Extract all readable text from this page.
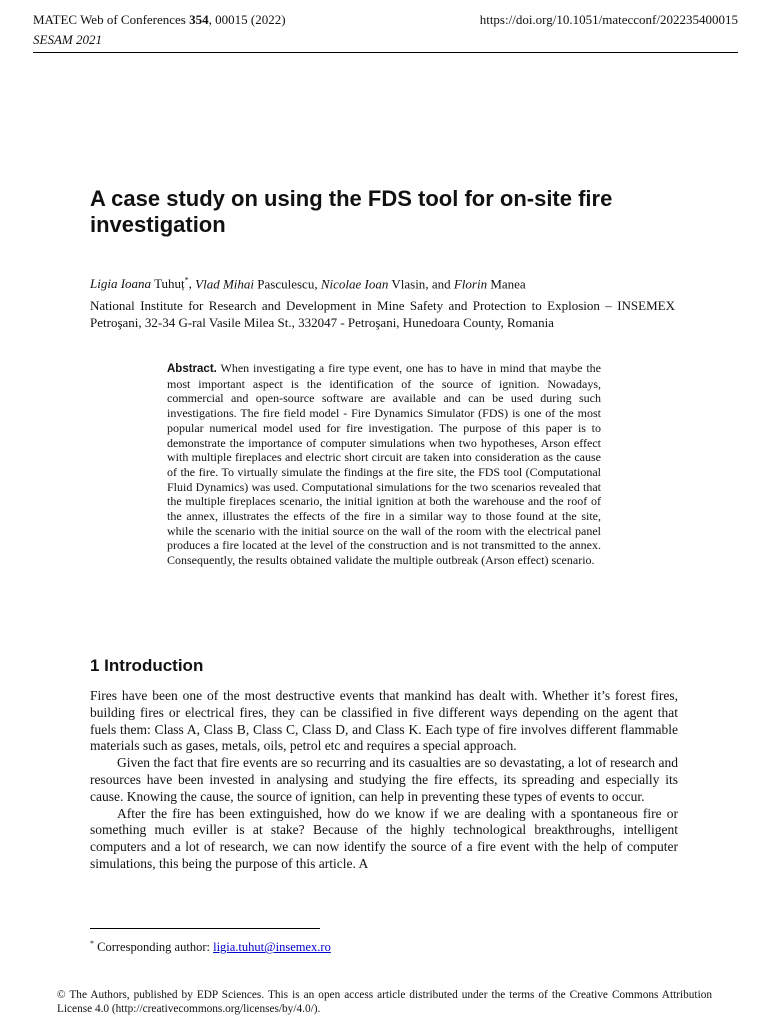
MATEC Web of Conferences 354, 00015 (2022)	https://doi.org/10.1051/matecconf/202235400015
SESAM 2021
A case study on using the FDS tool for on-site fire investigation
Ligia Ioana Tuhuț*, Vlad Mihai Pasculescu, Nicolae Ioan Vlasin, and Florin Manea
National Institute for Research and Development in Mine Safety and Protection to Explosion – INSEMEX Petroşani, 32-34 G-ral Vasile Milea St., 332047 - Petroşani, Hunedoara County, Romania
Abstract. When investigating a fire type event, one has to have in mind that maybe the most important aspect is the identification of the source of ignition. Nowadays, commercial and open-source software are available and can be used during such investigations. The fire field model - Fire Dynamics Simulator (FDS) is one of the most popular numerical model used for fire investigation. The purpose of this paper is to demonstrate the importance of computer simulations when two hypotheses, Arson effect with multiple fireplaces and electric short circuit are taken into consideration as the cause of the fire. To virtually simulate the findings at the fire site, the FDS tool (Computational Fluid Dynamics) was used. Computational simulations for the two scenarios revealed that the multiple fireplaces scenario, the initial ignition at both the warehouse and the roof of the annex, illustrates the effects of the fire in a similar way to those found at the site, while the scenario with the initial source on the wall of the room with the electrical panel produces a fire located at the level of the construction and is not transmitted to the annex. Consequently, the results obtained validate the multiple outbreak (Arson effect) scenario.
1 Introduction

Fires have been one of the most destructive events that mankind has dealt with. Whether it’s forest fires, building fires or electrical fires, they can be classified in five different ways depending on the agent that fuels them: Class A, Class B, Class C, Class D, and Class K. Each type of fire involves different flammable materials such as gases, metals, oils, petrol etc and requires a special approach.

Given the fact that fire events are so recurring and its casualties are so devastating, a lot of research and resources have been invested in analysing and studying the fire effects, its spreading and especially its cause. Knowing the cause, the source of ignition, can help in preventing these types of events to occur.

After the fire has been extinguished, how do we know if we are dealing with a spontaneous fire or something much eviller is at stake? Because of the highly technological breakthroughs, intelligent computers and a lot of research, we can now identify the source of a fire event with the help of computer simulations, this being the purpose of this article. A

* Corresponding author: ligia.tuhut@insemex.ro
© The Authors, published by EDP Sciences. This is an open access article distributed under the terms of the Creative Commons Attribution License 4.0 (http://creativecommons.org/licenses/by/4.0/).
